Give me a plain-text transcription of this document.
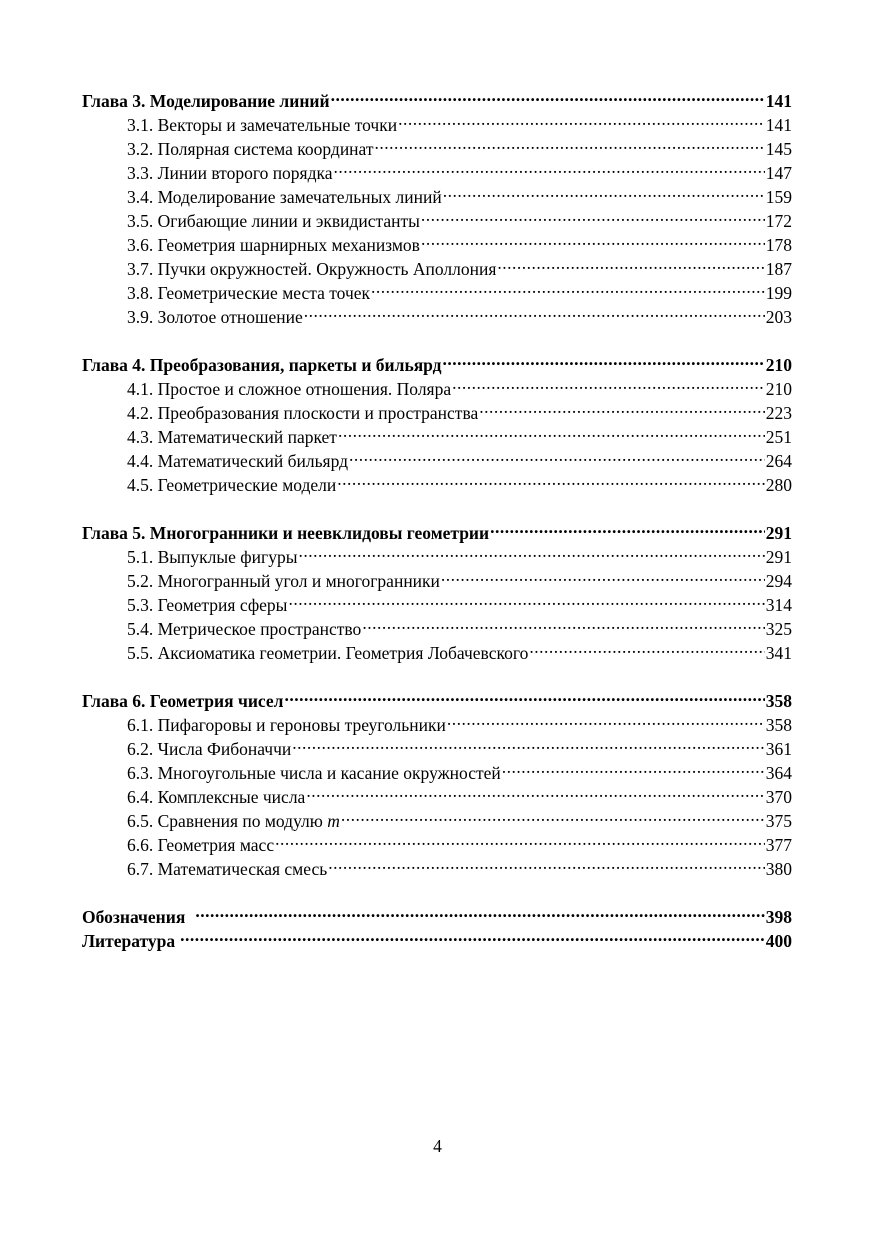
Глава 3. Моделирование линий .....	141
3.1. Векторы и замечательные точки .....	141
3.2. Полярная система координат .....	145
3.3. Линии второго порядка .....	147
3.4. Моделирование замечательных линий .....	159
3.5. Огибающие линии и эквидистанты .....	172
3.6. Геометрия шарнирных механизмов .....	178
3.7. Пучки окружностей. Окружность Аполлония .....	187
3.8. Геометрические места точек .....	199
3.9. Золотое отношение .....	203
Глава 4. Преобразования, паркеты и бильярд .....	210
4.1. Простое и сложное отношения. Поляра .....	210
4.2. Преобразования плоскости и пространства .....	223
4.3. Математический паркет .....	251
4.4. Математический бильярд .....	264
4.5. Геометрические модели .....	280
Глава 5. Многогранники и неевклидовы геометрии .....	291
5.1. Выпуклые фигуры .....	291
5.2. Многогранный угол и многогранники .....	294
5.3. Геометрия сферы .....	314
5.4. Метрическое пространство .....	325
5.5. Аксиоматика геометрии. Геометрия Лобачевского .....	341
Глава 6. Геометрия чисел .....	358
6.1. Пифагоровы и героновы треугольники .....	358
6.2. Числа Фибоначчи .....	361
6.3. Многоугольные числа и касание окружностей .....	364
6.4. Комплексные числа .....	370
6.5. Сравнения по модулю m .....	375
6.6. Геометрия масс .....	377
6.7. Математическая смесь .....	380
Обозначения .....	398
Литература .....	400
4
